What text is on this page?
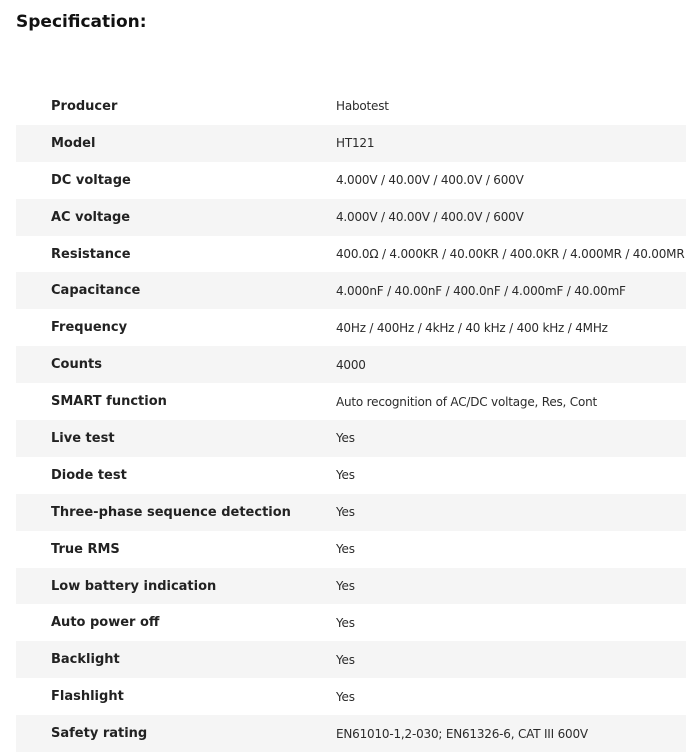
Specification:
Producer	Habotest
Model	HT121
DC voltage	4.000V / 40.00V / 400.0V / 600V
AC voltage	4.000V / 40.00V / 400.0V / 600V
Resistance	400.0Ω / 4.000KR / 40.00KR / 400.0KR / 4.000MR / 40.00MR
Capacitance	4.000nF / 40.00nF / 400.0nF / 4.000mF / 40.00mF
Frequency	40Hz / 400Hz / 4kHz / 40 kHz / 400 kHz / 4MHz
Counts	4000
SMART function	Auto recognition of AC/DC voltage, Res, Cont
Live test	Yes
Diode test	Yes
Three-phase sequence detection	Yes
True RMS	Yes
Low battery indication	Yes
Auto power off	Yes
Backlight	Yes
Flashlight	Yes
Safety rating	EN61010-1,2-030; EN61326-6, CAT III 600V
